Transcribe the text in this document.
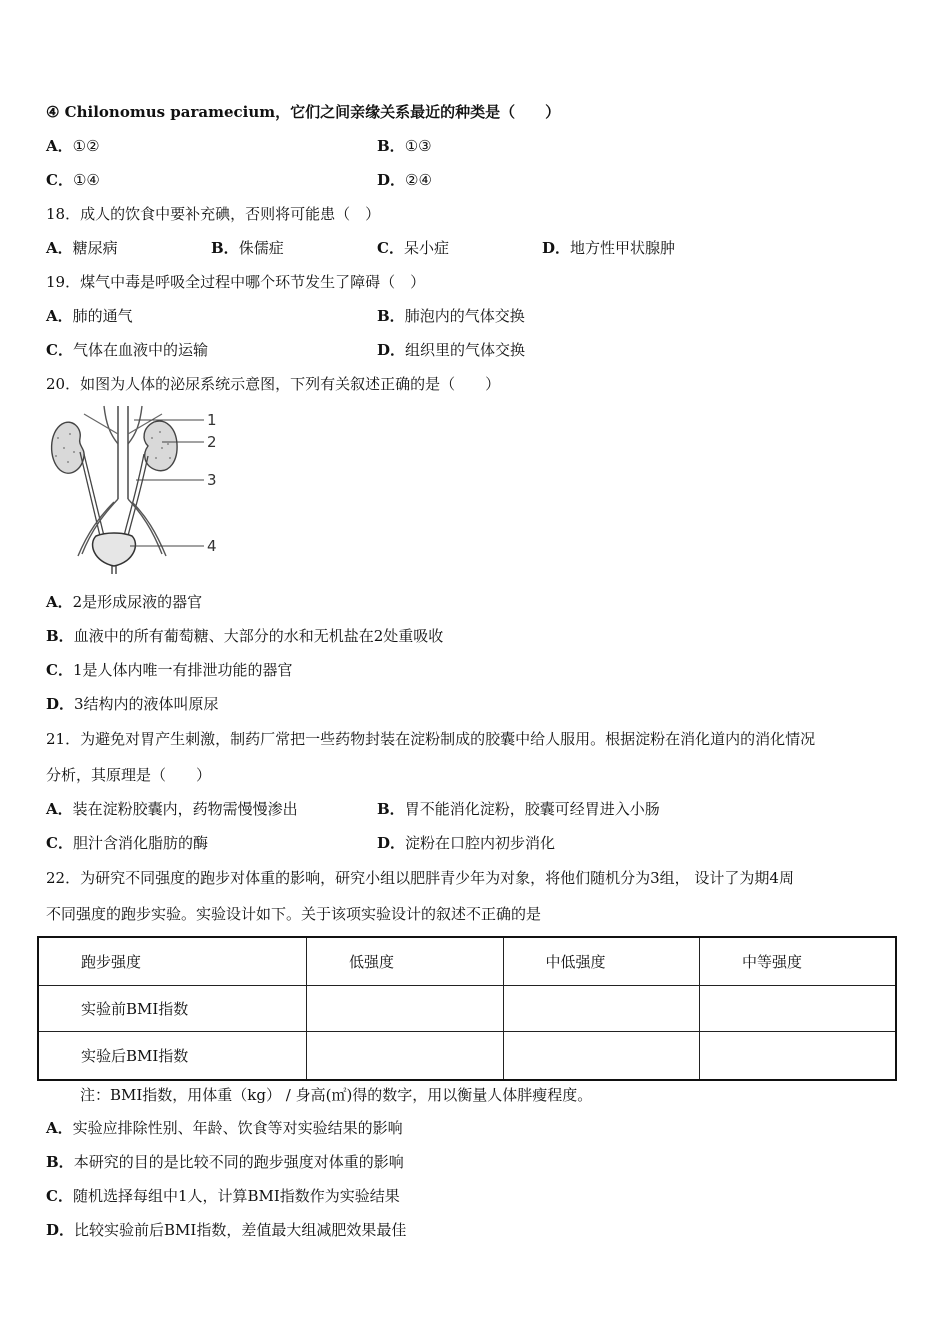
④ Chilonomus paramecium，它们之间亲缘关系最近的种类是（　　）
A．①②	B．①③
C．①④	D．②④
18．成人的饮食中要补充碘，否则将可能患（　）
A．糖尿病	B．侏儒症	C．呆小症	D．地方性甲状腺肿
19．煤气中毒是呼吸全过程中哪个环节发生了障碍（　）
A．肺的通气	B．肺泡内的气体交换
C．气体在血液中的运输	D．组织里的气体交换
20．如图为人体的泌尿系统示意图，下列有关叙述正确的是（　　）
1
2
3
4
A．2是形成尿液的器官
B．血液中的所有葡萄糖、大部分的水和无机盐在2处重吸收
C．1是人体内唯一有排泄功能的器官
D．3结构内的液体叫原尿
21．为避免对胃产生刺激，制药厂常把一些药物封装在淀粉制成的胶囊中给人服用。根据淀粉在消化道内的消化情况
分析，其原理是（　　）
A．装在淀粉胶囊内，药物需慢慢渗出	B．胃不能消化淀粉，胶囊可经胃进入小肠
C．胆汁含消化脂肪的酶	D．淀粉在口腔内初步消化
22．为研究不同强度的跑步对体重的影响，研究小组以肥胖青少年为对象，将他们随机分为3组， 设计了为期4周
不同强度的跑步实验。实验设计如下。关于该项实验设计的叙述不正确的是
跑步强度	低强度	中低强度	中等强度
实验前BMI指数			
实验后BMI指数			
注：BMI指数，用体重（kg） / 身高(㎡)得的数字，用以衡量人体胖瘦程度。
A．实验应排除性别、年龄、饮食等对实验结果的影响
B．本研究的目的是比较不同的跑步强度对体重的影响
C．随机选择每组中1人，计算BMI指数作为实验结果
D．比较实验前后BMI指数，差值最大组减肥效果最佳
